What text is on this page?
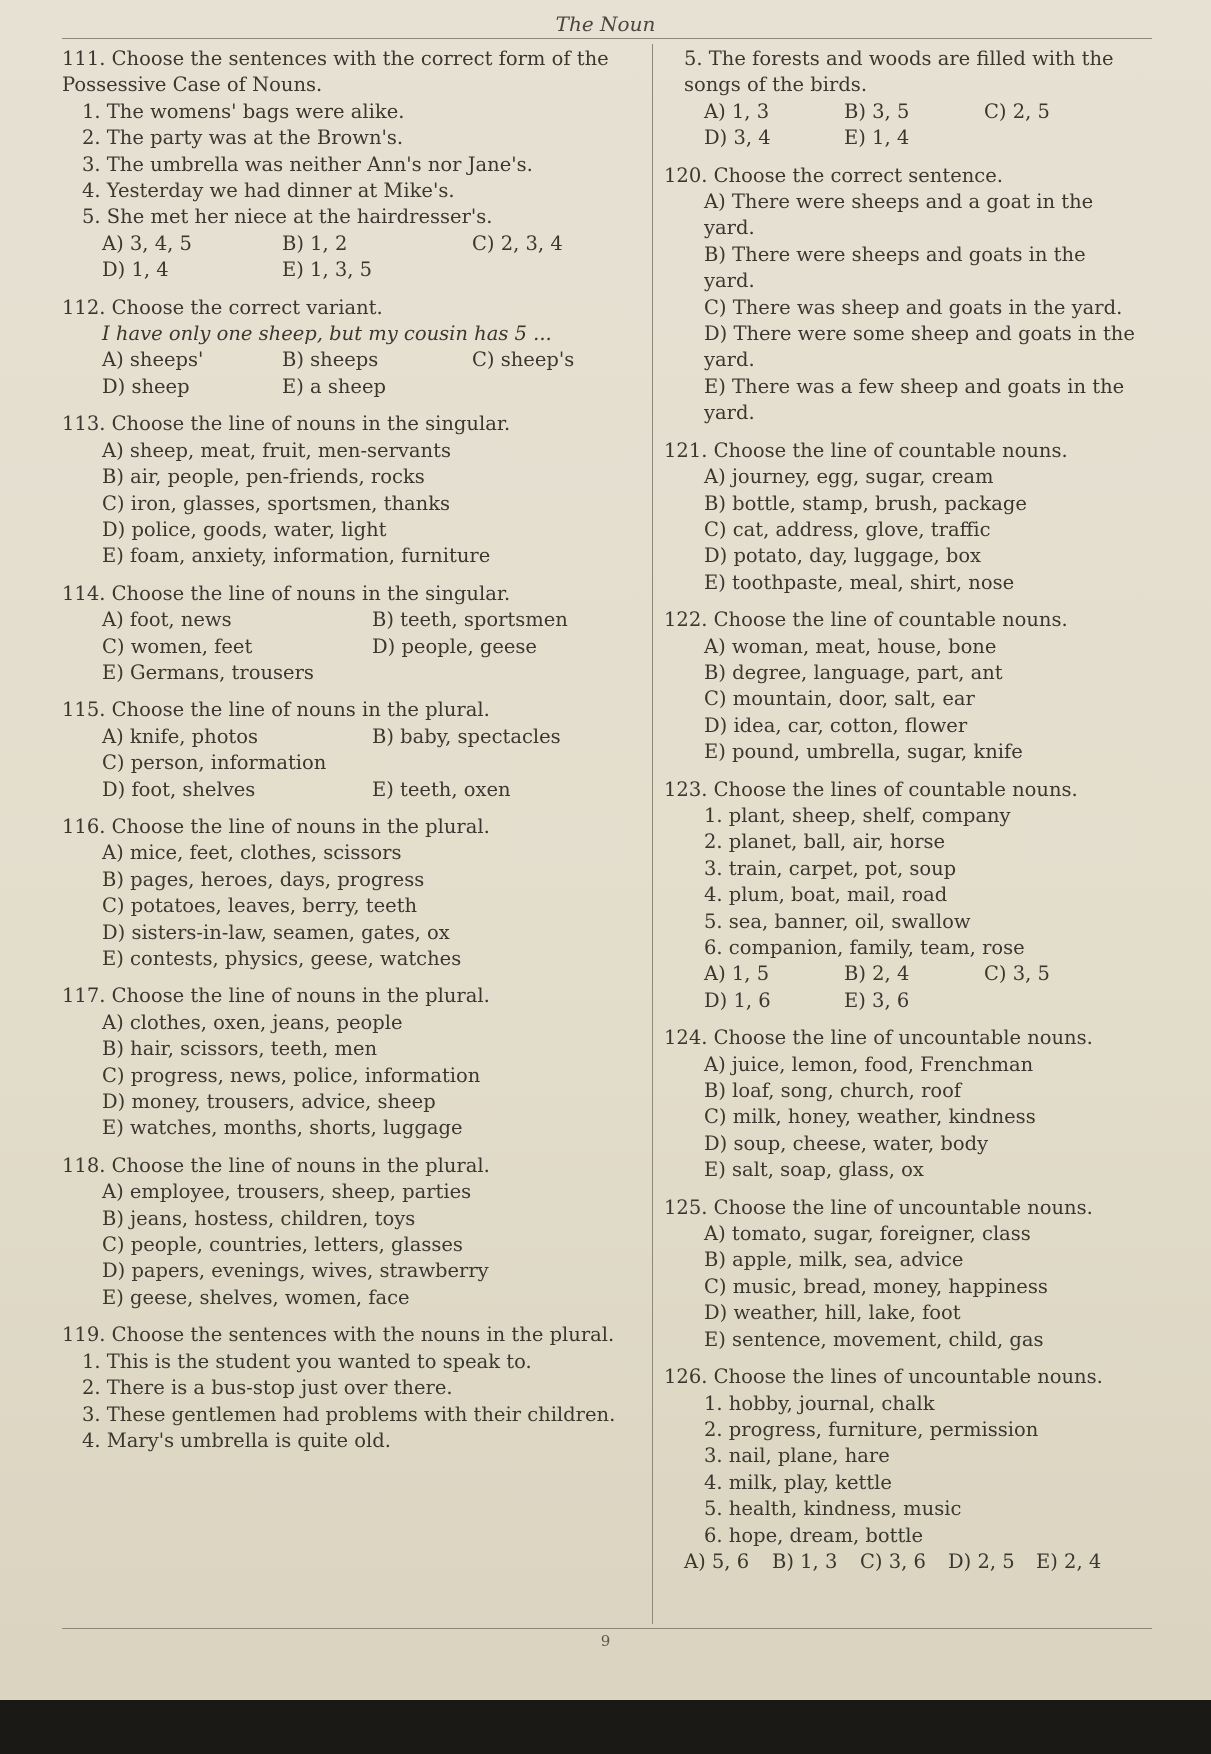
The Noun
111. Choose the sentences with the correct form of the Possessive Case of Nouns.
1. The womens' bags were alike.
2. The party was at the Brown's.
3. The umbrella was neither Ann's nor Jane's.
4. Yesterday we had dinner at Mike's.
5. She met her niece at the hairdresser's.
A) 3, 4, 5	B) 1, 2	C) 2, 3, 4
D) 1, 4	E) 1, 3, 5
112. Choose the correct variant.
I have only one sheep, but my cousin has 5 ...
A) sheeps'	B) sheeps	C) sheep's
D) sheep	E) a sheep
113. Choose the line of nouns in the singular.
A) sheep, meat, fruit, men-servants
B) air, people, pen-friends, rocks
C) iron, glasses, sportsmen, thanks
D) police, goods, water, light
E) foam, anxiety, information, furniture
114. Choose the line of nouns in the singular.
A) foot, news	B) teeth, sportsmen
C) women, feet	D) people, geese
E) Germans, trousers
115. Choose the line of nouns in the plural.
A) knife, photos	B) baby, spectacles
C) person, information
D) foot, shelves	E) teeth, oxen
116. Choose the line of nouns in the plural.
A) mice, feet, clothes, scissors
B) pages, heroes, days, progress
C) potatoes, leaves, berry, teeth
D) sisters-in-law, seamen, gates, ox
E) contests, physics, geese, watches
117. Choose the line of nouns in the plural.
A) clothes, oxen, jeans, people
B) hair, scissors, teeth, men
C) progress, news, police, information
D) money, trousers, advice, sheep
E) watches, months, shorts, luggage
118. Choose the line of nouns in the plural.
A) employee, trousers, sheep, parties
B) jeans, hostess, children, toys
C) people, countries, letters, glasses
D) papers, evenings, wives, strawberry
E) geese, shelves, women, face
119. Choose the sentences with the nouns in the plural.
1. This is the student you wanted to speak to.
2. There is a bus-stop just over there.
3. These gentlemen had problems with their children.
4. Mary's umbrella is quite old.
5. The forests and woods are filled with the songs of the birds.
A) 1, 3	B) 3, 5	C) 2, 5
D) 3, 4	E) 1, 4
120. Choose the correct sentence.
A) There were sheeps and a goat in the yard.
B) There were sheeps and goats in the yard.
C) There was sheep and goats in the yard.
D) There were some sheep and goats in the yard.
E) There was a few sheep and goats in the yard.
121. Choose the line of countable nouns.
A) journey, egg, sugar, cream
B) bottle, stamp, brush, package
C) cat, address, glove, traffic
D) potato, day, luggage, box
E) toothpaste, meal, shirt, nose
122. Choose the line of countable nouns.
A) woman, meat, house, bone
B) degree, language, part, ant
C) mountain, door, salt, ear
D) idea, car, cotton, flower
E) pound, umbrella, sugar, knife
123. Choose the lines of countable nouns.
1. plant, sheep, shelf, company
2. planet, ball, air, horse
3. train, carpet, pot, soup
4. plum, boat, mail, road
5. sea, banner, oil, swallow
6. companion, family, team, rose
A) 1, 5	B) 2, 4	C) 3, 5
D) 1, 6	E) 3, 6
124. Choose the line of uncountable nouns.
A) juice, lemon, food, Frenchman
B) loaf, song, church, roof
C) milk, honey, weather, kindness
D) soup, cheese, water, body
E) salt, soap, glass, ox
125. Choose the line of uncountable nouns.
A) tomato, sugar, foreigner, class
B) apple, milk, sea, advice
C) music, bread, money, happiness
D) weather, hill, lake, foot
E) sentence, movement, child, gas
126. Choose the lines of uncountable nouns.
1. hobby, journal, chalk
2. progress, furniture, permission
3. nail, plane, hare
4. milk, play, kettle
5. health, kindness, music
6. hope, dream, bottle
A) 5, 6	B) 1, 3	C) 3, 6	D) 2, 5	E) 2, 4
9
